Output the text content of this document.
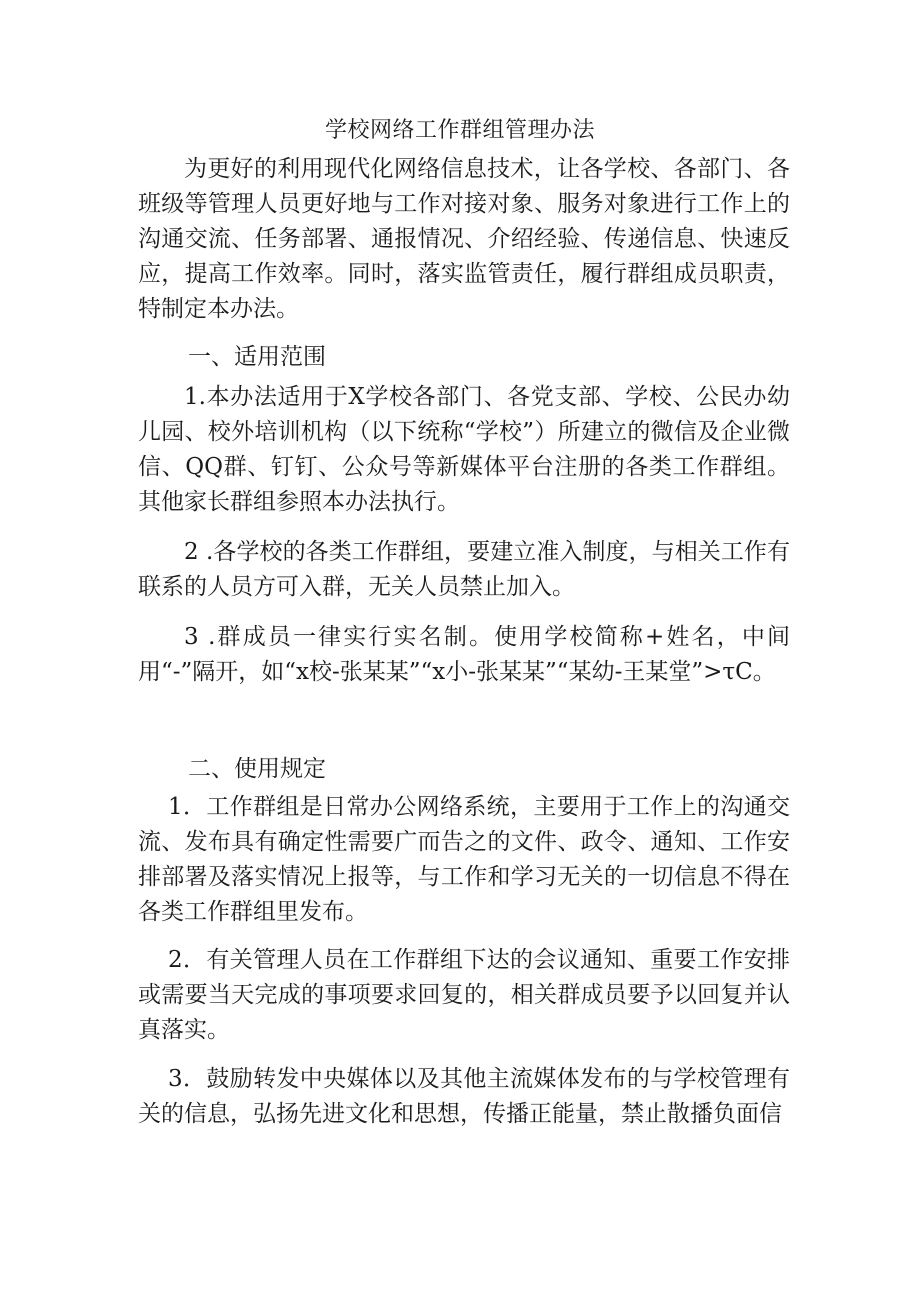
学校网络工作群组管理办法

为更好的利用现代化网络信息技术，让各学校、各部门、各班级等管理人员更好地与工作对接对象、服务对象进行工作上的沟通交流、任务部署、通报情况、介绍经验、传递信息、快速反应，提高工作效率。同时，落实监管责任，履行群组成员职责，特制定本办法。

一、适用范围

1.本办法适用于X学校各部门、各党支部、学校、公民办幼儿园、校外培训机构（以下统称“学校”）所建立的微信及企业微信、QQ群、钉钉、公众号等新媒体平台注册的各类工作群组。其他家长群组参照本办法执行。

2 .各学校的各类工作群组，要建立准入制度，与相关工作有联系的人员方可入群，无关人员禁止加入。

3 .群成员一律实行实名制。使用学校简称+姓名，中间用“-”隔开，如“x校-张某某”“x小-张某某”“某幼-王某堂”>τC。

二、使用规定

1．工作群组是日常办公网络系统，主要用于工作上的沟通交流、发布具有确定性需要广而告之的文件、政令、通知、工作安排部署及落实情况上报等，与工作和学习无关的一切信息不得在各类工作群组里发布。

2．有关管理人员在工作群组下达的会议通知、重要工作安排或需要当天完成的事项要求回复的，相关群成员要予以回复并认真落实。

3．鼓励转发中央媒体以及其他主流媒体发布的与学校管理有关的信息，弘扬先进文化和思想，传播正能量，禁止散播负面信
